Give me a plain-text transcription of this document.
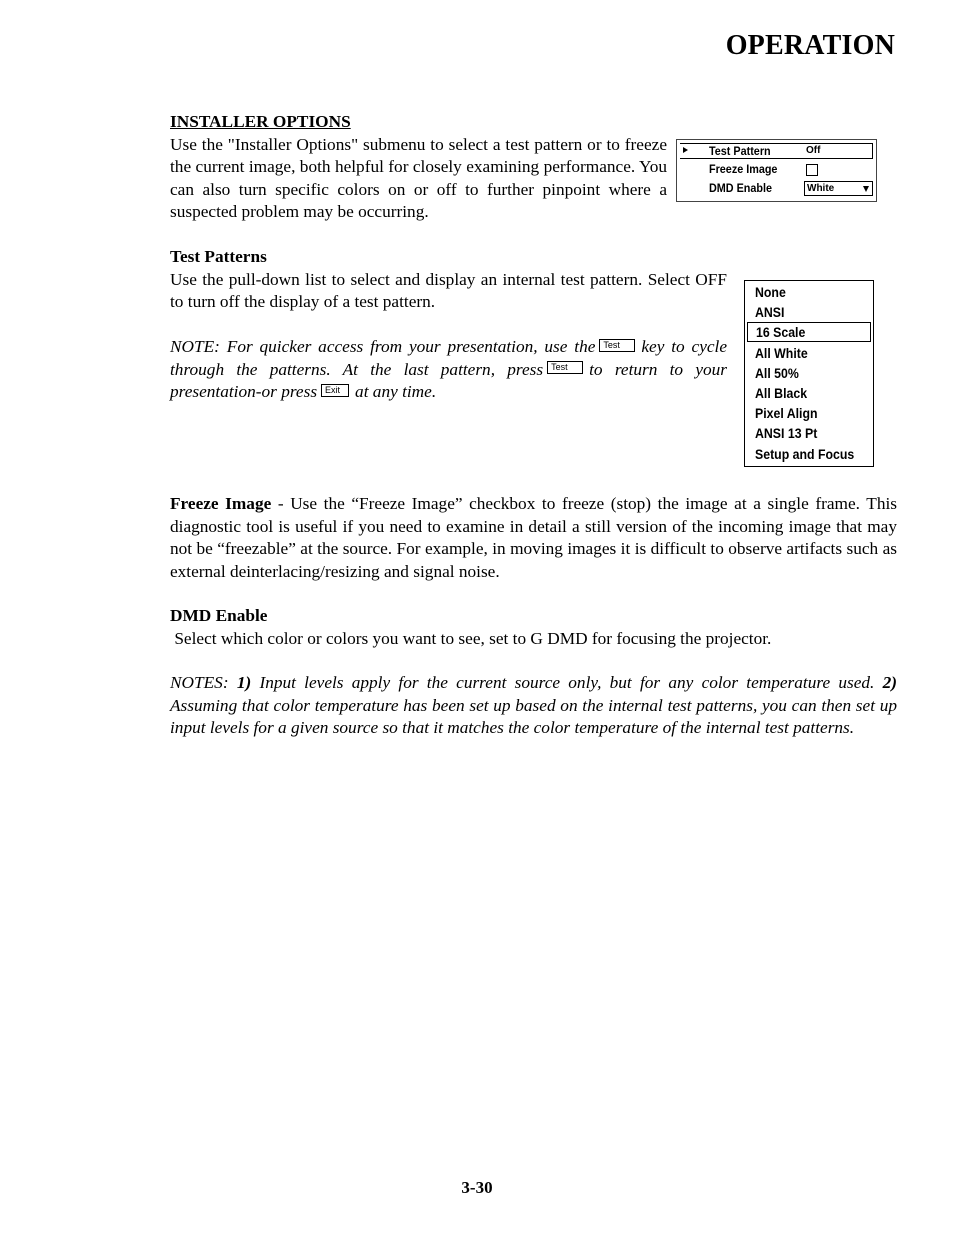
OPERATION
INSTALLER OPTIONS
Use the "Installer Options" submenu to select a test pattern or to freeze the current image, both helpful for closely examining performance. You can also turn specific colors on or off to further pinpoint where a suspected problem may be occurring.
Test Pattern	Off
Freeze Image
DMD Enable	White
Test Patterns
Use the pull-down list to select and display an internal test pattern. Select OFF to turn off the display of a test pattern.
NOTE: For quicker access from your presentation, use the Test key to cycle through the patterns. At the last pattern, press Test to return to your presentation-or press Exit at any time.
None
ANSI
16 Scale
All White
All 50%
All Black
Pixel Align
ANSI 13 Pt
Setup and Focus
Freeze Image - Use the “Freeze Image” checkbox to freeze (stop) the image at a single frame. This diagnostic tool is useful if you need to examine in detail a still version of the incoming image that may not be “freezable” at the source. For example, in moving images it is difficult to observe artifacts such as external deinterlacing/resizing and signal noise.
DMD Enable
Select which color or colors you want to see, set to G DMD for focusing the projector.
NOTES: 1) Input levels apply for the current source only, but for any color temperature used. 2) Assuming that color temperature has been set up based on the internal test patterns, you can then set up input levels for a given source so that it matches the color temperature of the internal test patterns.
3-30
